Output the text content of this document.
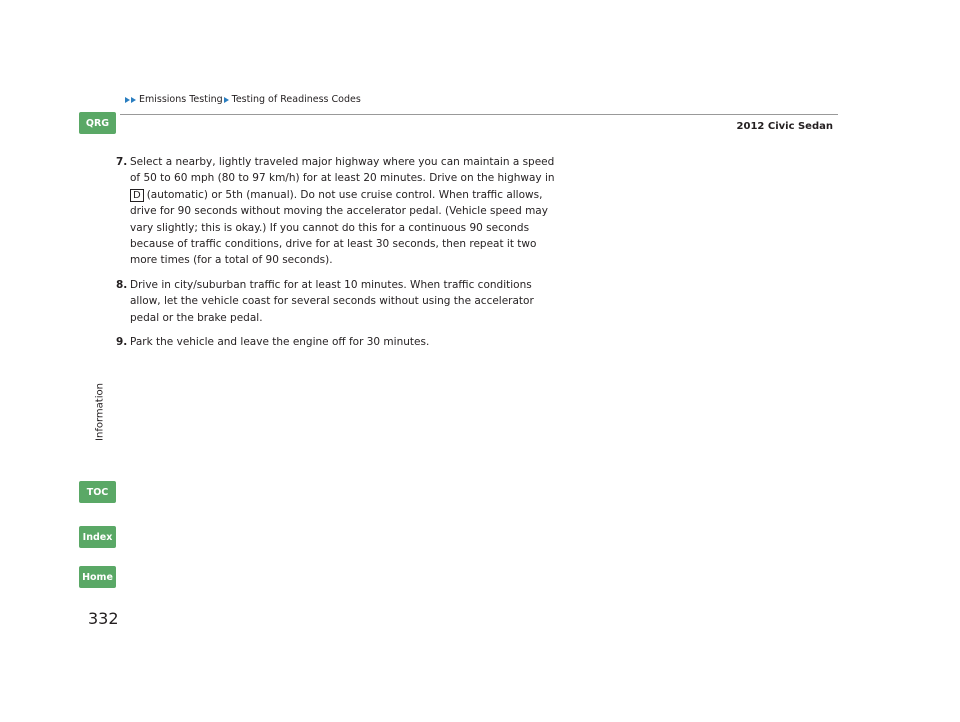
Emissions Testing Testing of Readiness Codes
2012 Civic Sedan
QRG
Information
TOC
Index
Home
7. Select a nearby, lightly traveled major highway where you can maintain a speed of 50 to 60 mph (80 to 97 km/h) for at least 20 minutes. Drive on the highway in
D (automatic) or 5th (manual). Do not use cruise control. When traffic allows, drive for 90 seconds without moving the accelerator pedal. (Vehicle speed may vary slightly; this is okay.) If you cannot do this for a continuous 90 seconds because of traffic conditions, drive for at least 30 seconds, then repeat it two more times (for a total of 90 seconds).
8. Drive in city/suburban traffic for at least 10 minutes. When traffic conditions allow, let the vehicle coast for several seconds without using the accelerator pedal or the brake pedal.
9. Park the vehicle and leave the engine off for 30 minutes.
332
